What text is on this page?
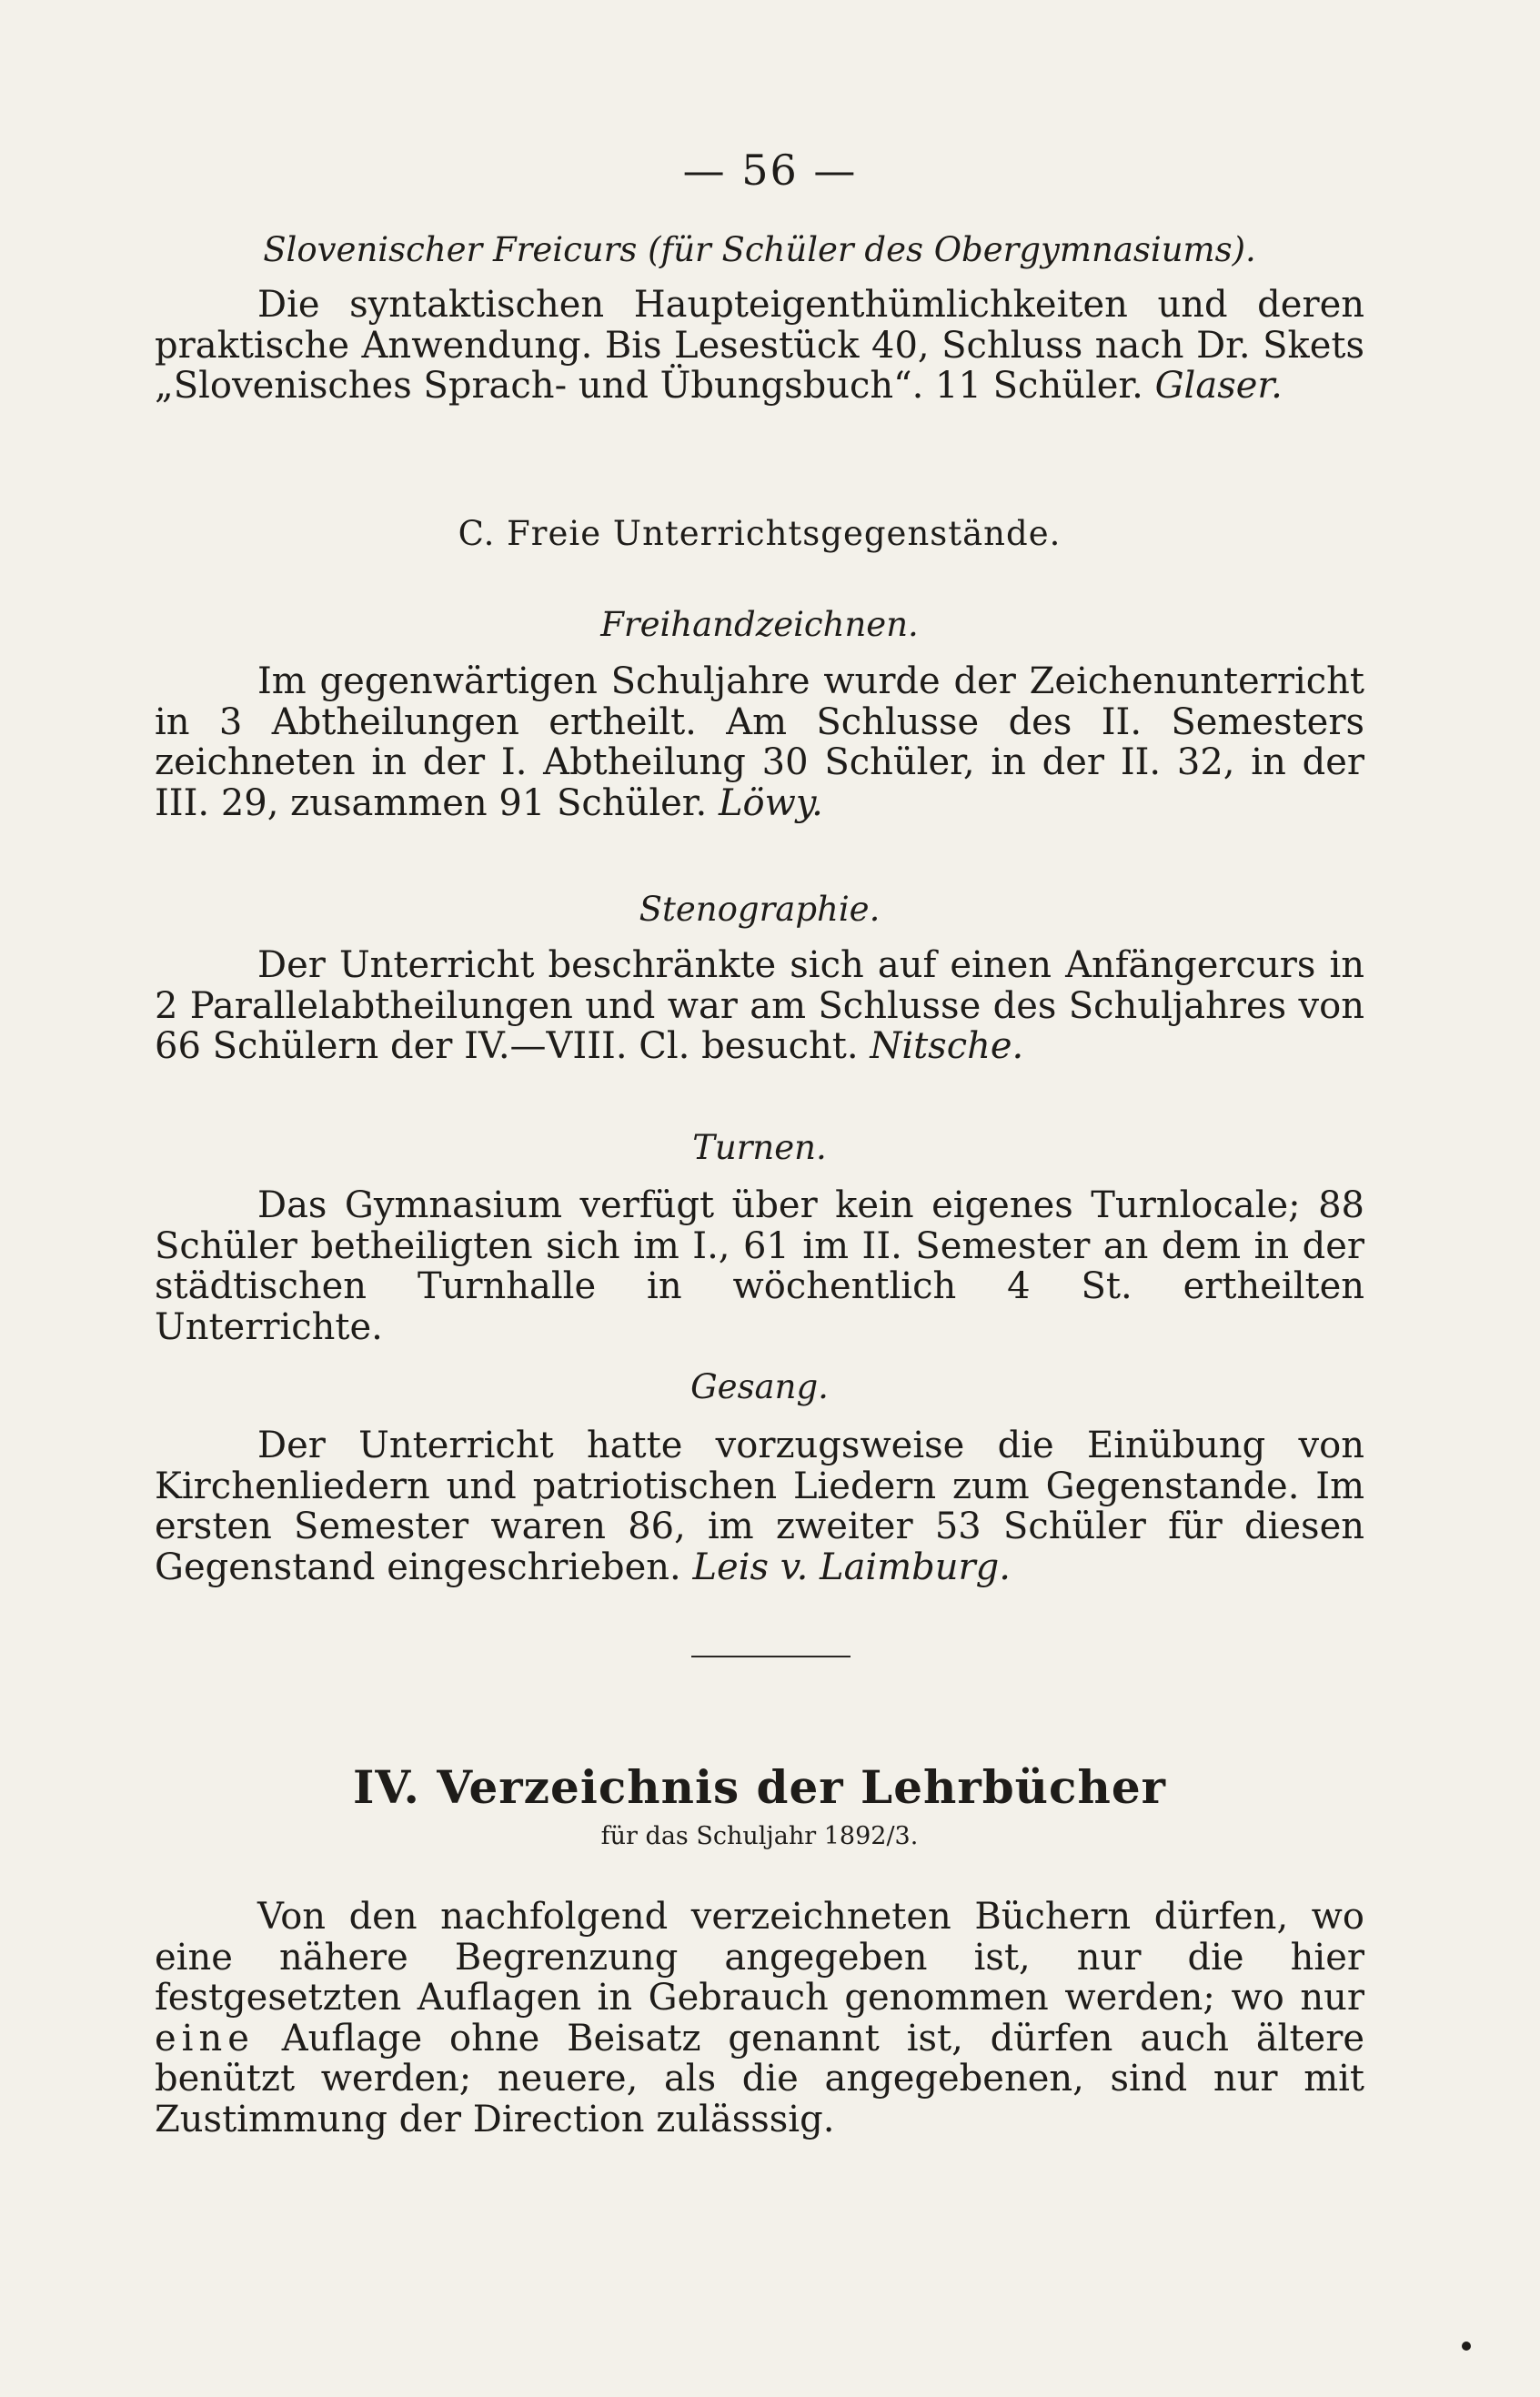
— 56 —
Slovenischer Freicurs (für Schüler des Obergymnasiums).

Die syntaktischen Haupteigenthümlichkeiten und deren praktische Anwendung. Bis Lesestück 40, Schluss nach Dr. Skets „Slovenisches Sprach- und Übungsbuch“. 11 Schüler. Glaser.

C. Freie Unterrichtsgegenstände.
Freihandzeichnen.

Im gegenwärtigen Schuljahre wurde der Zeichenunterricht in 3 Abtheilungen ertheilt. Am Schlusse des II. Semesters zeichneten in der I. Abtheilung 30 Schüler, in der II. 32, in der III. 29, zusammen 91 Schüler. Löwy.

Stenographie.

Der Unterricht beschränkte sich auf einen Anfängercurs in 2 Parallelabtheilungen und war am Schlusse des Schuljahres von 66 Schülern der IV.—VIII. Cl. besucht. Nitsche.

Turnen.

Das Gymnasium verfügt über kein eigenes Turnlocale; 88 Schüler betheiligten sich im I., 61 im II. Semester an dem in der städtischen Turnhalle in wöchentlich 4 St. ertheilten Unterrichte.

Gesang.

Der Unterricht hatte vorzugsweise die Einübung von Kirchenliedern und patriotischen Liedern zum Gegenstande. Im ersten Semester waren 86, im zweiter 53 Schüler für diesen Gegenstand eingeschrieben. Leis v. Laimburg.

IV. Verzeichnis der Lehrbücher
für das Schuljahr 1892/3.

Von den nachfolgend verzeichneten Büchern dürfen, wo eine nähere Begrenzung angegeben ist, nur die hier festgesetzten Auflagen in Gebrauch genommen werden; wo nur eine Auflage ohne Beisatz genannt ist, dürfen auch ältere benützt werden; neuere, als die angegebenen, sind nur mit Zustimmung der Direction zulässsig.
